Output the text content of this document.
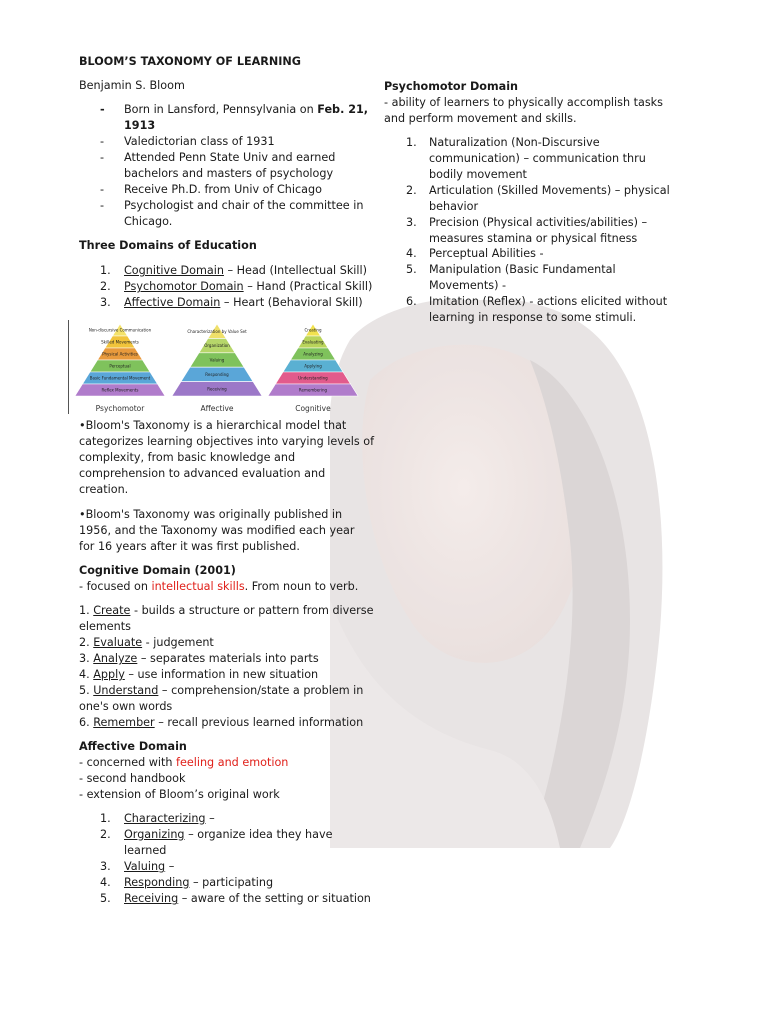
BLOOM’S TAXONOMY OF LEARNING
Benjamin S. Bloom
- Born in Lansford, Pennsylvania on Feb. 21,
1913
- Valedictorian class of 1931
- Attended Penn State Univ and earned
bachelors and masters of psychology
- Receive Ph.D. from Univ of Chicago
- Psychologist and chair of the committee in
Chicago.
Three Domains of Education
1. Cognitive Domain – Head (Intellectual Skill)
2. Psychomotor Domain – Hand (Practical Skill)
3. Affective Domain – Heart (Behavioral Skill)
Non-discursive Communication
Skilled Movements
Physical Activities
Perceptual
Basic Fundamental Movement
Reflex Movements
Psychomotor
Characterization by Value Set
Organization
Valuing
Responding
Receiving
Affective
Creating
Evaluating
Analyzing
Applying
Understanding
Remembering
Cognitive
•Bloom's Taxonomy is a hierarchical model that
categorizes learning objectives into varying levels of
complexity, from basic knowledge and
comprehension to advanced evaluation and
creation.
•Bloom's Taxonomy was originally published in
1956, and the Taxonomy was modified each year
for 16 years after it was first published.
Cognitive Domain (2001)
- focused on intellectual skills. From noun to verb.
1. Create - builds a structure or pattern from diverse
elements
2. Evaluate - judgement
3. Analyze – separates materials into parts
4. Apply – use information in new situation
5. Understand – comprehension/state a problem in
one's own words
6. Remember – recall previous learned information
Affective Domain
- concerned with feeling and emotion
- second handbook
- extension of Bloom’s original work
1. Characterizing –
2. Organizing – organize idea they have
learned
3. Valuing –
4. Responding – participating
5. Receiving – aware of the setting or situation
Psychomotor Domain
- ability of learners to physically accomplish tasks
and perform movement and skills.
1. Naturalization (Non-Discursive
communication) – communication thru
bodily movement
2. Articulation (Skilled Movements) – physical
behavior
3. Precision (Physical activities/abilities) –
measures stamina or physical fitness
4. Perceptual Abilities -
5. Manipulation (Basic Fundamental
Movements) -
6. Imitation (Reflex) - actions elicited without
learning in response to some stimuli.
